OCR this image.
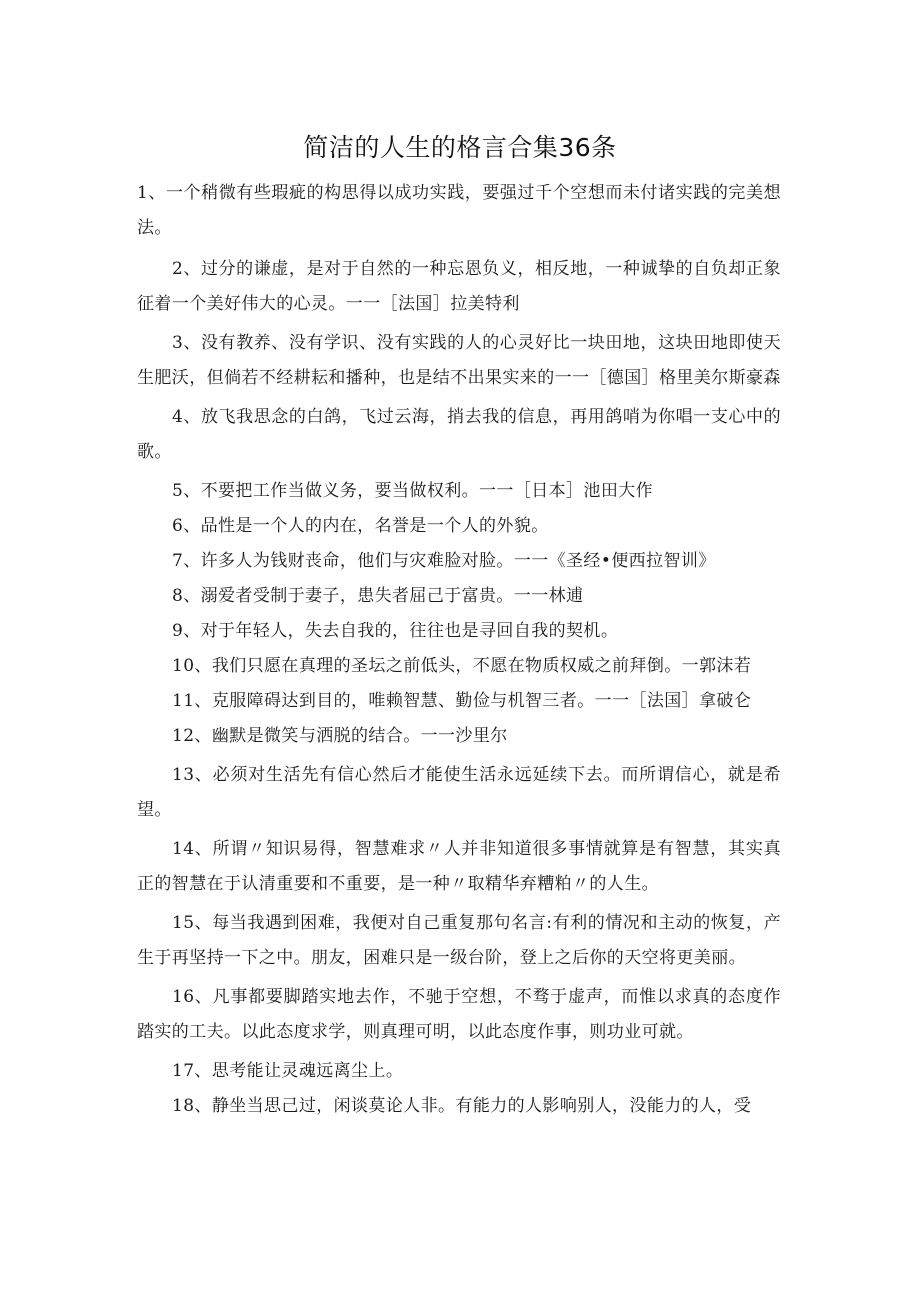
简洁的人生的格言合集36条

1、一个稍微有些瑕疵的构思得以成功实践，要强过千个空想而未付诸实践的完美想法。

2、过分的谦虚，是对于自然的一种忘恩负义，相反地，一种诚挚的自负却正象征着一个美好伟大的心灵。一一［法国］拉美特利

3、没有教养、没有学识、没有实践的人的心灵好比一块田地，这块田地即使天生肥沃，但倘若不经耕耘和播种，也是结不出果实来的一一［德国］格里美尔斯豪森

4、放飞我思念的白鸽，飞过云海，捎去我的信息，再用鸽哨为你唱一支心中的歌。

5、不要把工作当做义务，要当做权利。一一［日本］池田大作

6、品性是一个人的内在，名誉是一个人的外貌。

7、许多人为钱财丧命，他们与灾难脸对脸。一一《圣经•便西拉智训》

8、溺爱者受制于妻子，患失者屈己于富贵。一一林逋

9、对于年轻人，失去自我的，往往也是寻回自我的契机。

10、我们只愿在真理的圣坛之前低头，不愿在物质权威之前拜倒。一郭沫若

11、克服障碍达到目的，唯赖智慧、勤俭与机智三者。一一［法国］拿破仑

12、幽默是微笑与洒脱的结合。一一沙里尔

13、必须对生活先有信心然后才能使生活永远延续下去。而所谓信心，就是希望。

14、所谓〃知识易得，智慧难求〃人并非知道很多事情就算是有智慧，其实真正的智慧在于认清重要和不重要，是一种〃取精华弃糟粕〃的人生。

15、每当我遇到困难，我便对自己重复那句名言:有利的情况和主动的恢复，产生于再坚持一下之中。朋友，困难只是一级台阶，登上之后你的天空将更美丽。

16、凡事都要脚踏实地去作，不驰于空想，不骛于虚声，而惟以求真的态度作踏实的工夫。以此态度求学，则真理可明，以此态度作事，则功业可就。

17、思考能让灵魂远离尘上。

18、静坐当思己过，闲谈莫论人非。有能力的人影响别人，没能力的人，受
